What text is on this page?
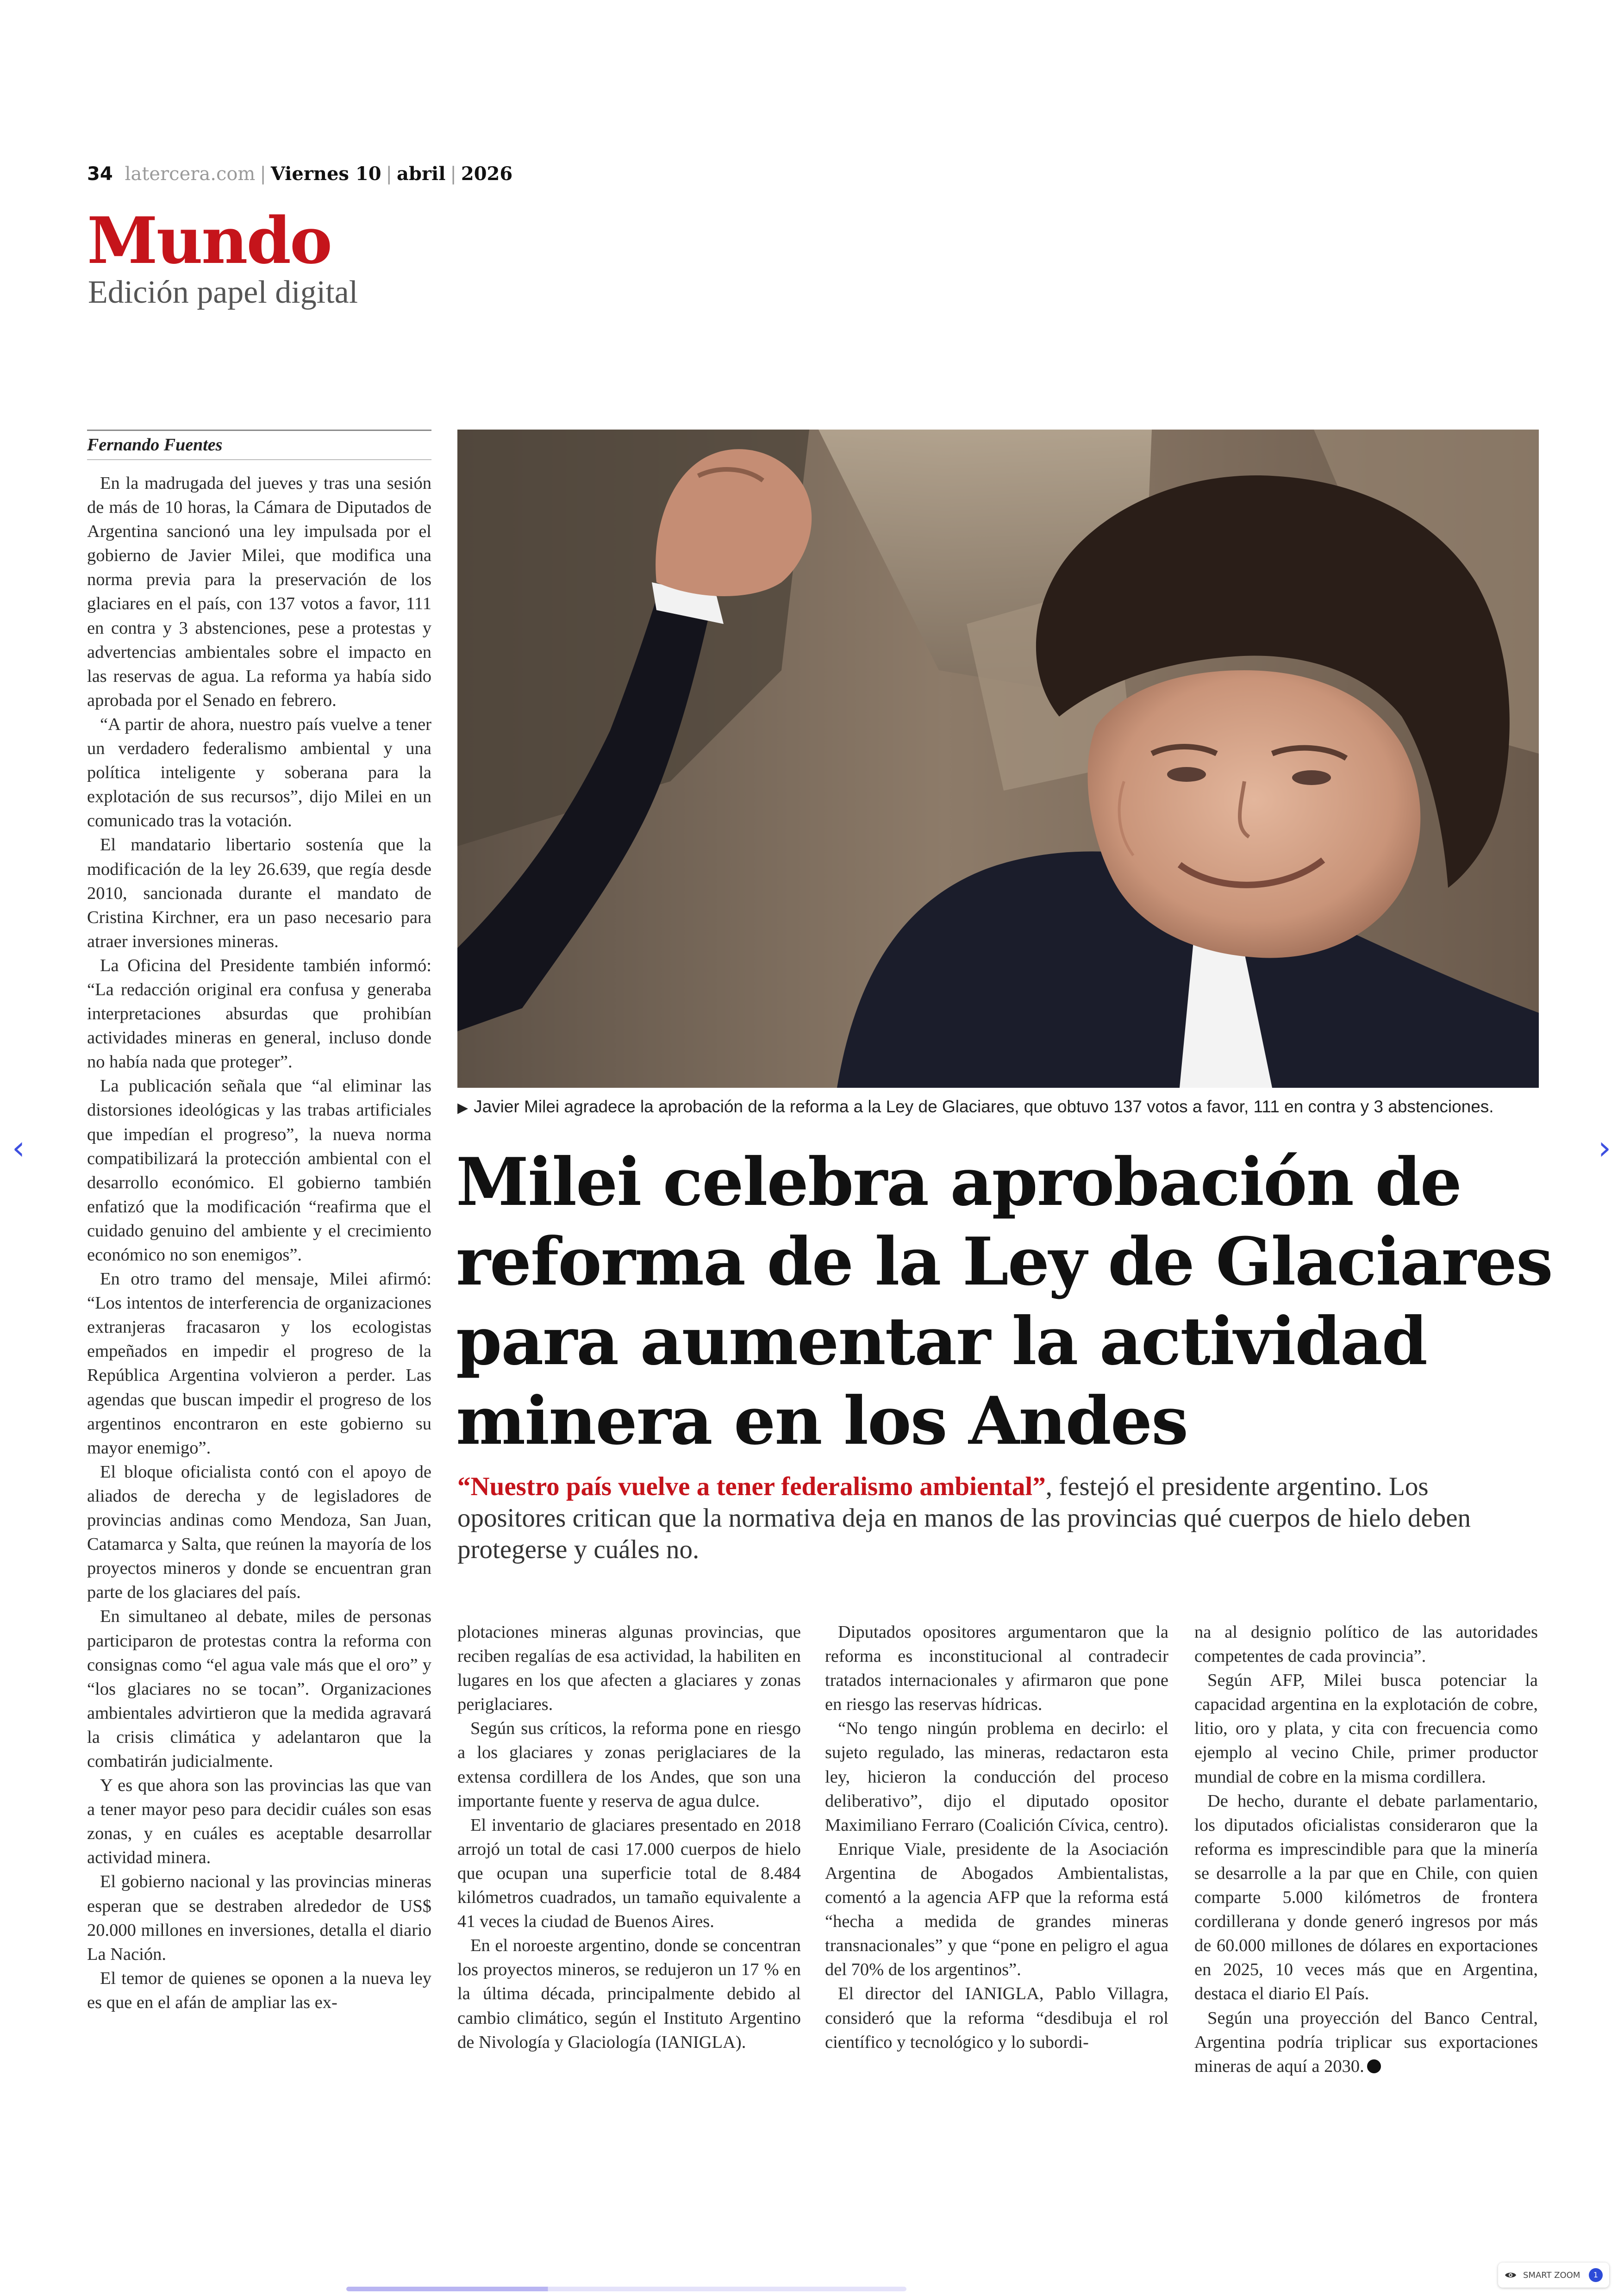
34 latercera.com | Viernes 10 | abril | 2026
Mundo
Edición papel digital
Fernando Fuentes

En la madrugada del jueves y tras una sesión de más de 10 horas, la Cámara de Diputados de Argentina sancionó una ley impulsada por el gobierno de Javier Milei, que modifica una norma previa para la preservación de los glaciares en el país, con 137 votos a favor, 111 en contra y 3 abstenciones, pese a protestas y advertencias ambientales sobre el impacto en las reservas de agua. La reforma ya había sido aprobada por el Senado en febrero.

“A partir de ahora, nuestro país vuelve a tener un verdadero federalismo ambiental y una política inteligente y soberana para la explotación de sus recursos”, dijo Milei en un comunicado tras la votación.

El mandatario libertario sostenía que la modificación de la ley 26.639, que regía desde 2010, sancionada durante el mandato de Cristina Kirchner, era un paso necesario para atraer inversiones mineras.

La Oficina del Presidente también informó: “La redacción original era confusa y generaba interpretaciones absurdas que prohibían actividades mineras en general, incluso donde no había nada que proteger”.

La publicación señala que “al eliminar las distorsiones ideológicas y las trabas artificiales que impedían el progreso”, la nueva norma compatibilizará la protección ambiental con el desarrollo económico. El gobierno también enfatizó que la modificación “reafirma que el cuidado genuino del ambiente y el crecimiento económico no son enemigos”.

En otro tramo del mensaje, Milei afirmó: “Los intentos de interferencia de organizaciones extranjeras fracasaron y los ecologistas empeñados en impedir el progreso de la República Argentina volvieron a perder. Las agendas que buscan impedir el progreso de los argentinos encontraron en este gobierno su mayor enemigo”.

El bloque oficialista contó con el apoyo de aliados de derecha y de legisladores de provincias andinas como Mendoza, San Juan, Catamarca y Salta, que reúnen la mayoría de los proyectos mineros y donde se encuentran gran parte de los glaciares del país.

En simultaneo al debate, miles de personas participaron de protestas contra la reforma con consignas como “el agua vale más que el oro” y “los glaciares no se tocan”. Organizaciones ambientales advirtieron que la medida agravará la crisis climática y adelantaron que la combatirán judicialmente.

Y es que ahora son las provincias las que van a tener mayor peso para decidir cuáles son esas zonas, y en cuáles es aceptable desarrollar actividad minera.

El gobierno nacional y las provincias mineras esperan que se destraben alrededor de US$ 20.000 millones en inversiones, detalla el diario La Nación.

El temor de quienes se oponen a la nueva ley es que en el afán de ampliar las ex-

▶ Javier Milei agradece la aprobación de la reforma a la Ley de Glaciares, que obtuvo 137 votos a favor, 111 en contra y 3 abstenciones.
Milei celebra aprobación de
reforma de la Ley de Glaciares
para aumentar la actividad
minera en los Andes
“Nuestro país vuelve a tener federalismo ambiental”, festejó el presidente argentino. Los opositores critican que la normativa deja en manos de las provincias qué cuerpos de hielo deben protegerse y cuáles no.

plotaciones mineras algunas provincias, que reciben regalías de esa actividad, la habiliten en lugares en los que afecten a glaciares y zonas periglaciares.

Según sus críticos, la reforma pone en riesgo a los glaciares y zonas periglaciares de la extensa cordillera de los Andes, que son una importante fuente y reserva de agua dulce.

El inventario de glaciares presentado en 2018 arrojó un total de casi 17.000 cuerpos de hielo que ocupan una superficie total de 8.484 kilómetros cuadrados, un tamaño equivalente a 41 veces la ciudad de Buenos Aires.

En el noroeste argentino, donde se concentran los proyectos mineros, se redujeron un 17 % en la última década, principalmente debido al cambio climático, según el Instituto Argentino de Nivología y Glaciología (IANIGLA).

Diputados opositores argumentaron que la reforma es inconstitucional al contradecir tratados internacionales y afirmaron que pone en riesgo las reservas hídricas.

“No tengo ningún problema en decirlo: el sujeto regulado, las mineras, redactaron esta ley, hicieron la conducción del proceso deliberativo”, dijo el diputado opositor Maximiliano Ferraro (Coalición Cívica, centro).

Enrique Viale, presidente de la Asociación Argentina de Abogados Ambientalistas, comentó a la agencia AFP que la reforma está “hecha a medida de grandes mineras transnacionales” y que “pone en peligro el agua del 70% de los argentinos”.

El director del IANIGLA, Pablo Villagra, consideró que la reforma “desdibuja el rol científico y tecnológico y lo subordi-

na al designio político de las autoridades competentes de cada provincia”.

Según AFP, Milei busca potenciar la capacidad argentina en la explotación de cobre, litio, oro y plata, y cita con frecuencia como ejemplo al vecino Chile, primer productor mundial de cobre en la misma cordillera.

De hecho, durante el debate parlamentario, los diputados oficialistas consideraron que la reforma es imprescindible para que la minería se desarrolle a la par que en Chile, con quien comparte 5.000 kilómetros de frontera cordillerana y donde generó ingresos por más de 60.000 millones de dólares en exportaciones en 2025, 10 veces más que en Argentina, destaca el diario El País.

Según una proyección del Banco Central, Argentina podría triplicar sus exportaciones mineras de aquí a 2030.

‹	›
SMART ZOOM	1
